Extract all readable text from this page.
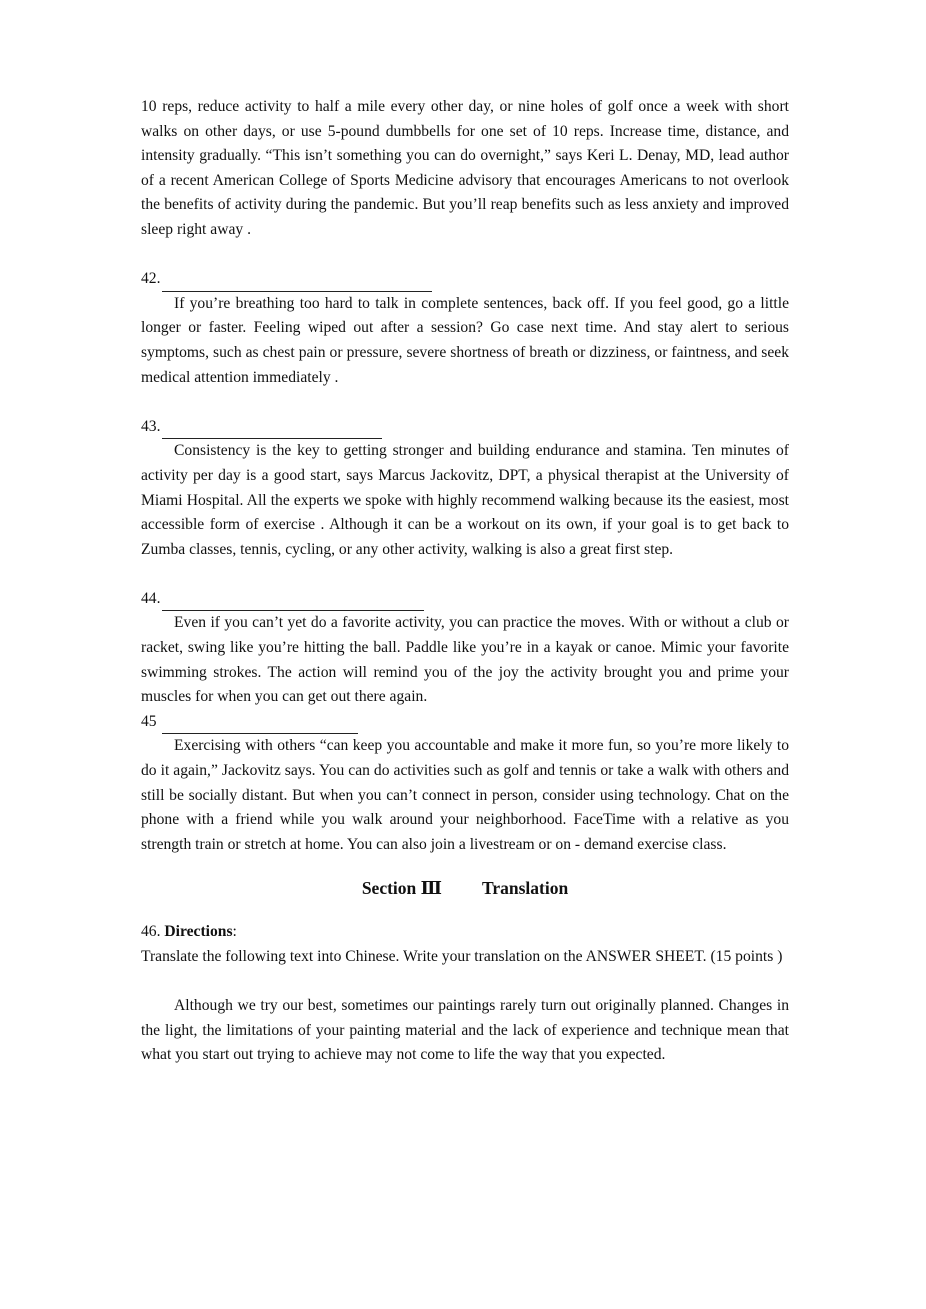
10 reps, reduce activity to half a mile every other day, or nine holes of golf once a week with short walks on other days, or use 5-pound dumbbells for one set of 10 reps. Increase time, distance, and intensity gradually. “This isn’t something you can do overnight,” says Keri L. Denay, MD, lead author of a recent American College of Sports Medicine advisory that encourages Americans to not overlook the benefits of activity during the pandemic. But you’ll reap benefits such as less anxiety and improved sleep right away .

42.

If you’re breathing too hard to talk in complete sentences, back off. If you feel good, go a little longer or faster. Feeling wiped out after a session? Go case next time. And stay alert to serious symptoms, such as chest pain or pressure, severe shortness of breath or dizziness, or faintness, and seek medical attention immediately .

43.

Consistency is the key to getting stronger and building endurance and stamina. Ten minutes of activity per day is a good start, says Marcus Jackovitz, DPT, a physical therapist at the University of Miami Hospital. All the experts we spoke with highly recommend walking because its the easiest, most accessible form of exercise . Although it can be a workout on its own, if your goal is to get back to Zumba classes, tennis, cycling, or any other activity, walking is also a great first step.

44.

Even if you can’t yet do a favorite activity, you can practice the moves. With or without a club or racket, swing like you’re hitting the ball. Paddle like you’re in a kayak or canoe. Mimic your favorite swimming strokes. The action will remind you of the joy the activity brought you and prime your muscles for when you can get out there again.

45

Exercising with others “can keep you accountable and make it more fun, so you’re more likely to do it again,” Jackovitz says. You can do activities such as golf and tennis or take a walk with others and still be socially distant. But when you can’t connect in person, consider using technology. Chat on the phone with a friend while you walk around your neighborhood. FaceTime with a relative as you strength train or stretch at home. You can also join a livestream or on - demand exercise class.

Section Ⅲ Translation

46. Directions:

Translate the following text into Chinese. Write your translation on the ANSWER SHEET. (15 points )

Although we try our best, sometimes our paintings rarely turn out originally planned. Changes in the light, the limitations of your painting material and the lack of experience and technique mean that what you start out trying to achieve may not come to life the way that you expected.
